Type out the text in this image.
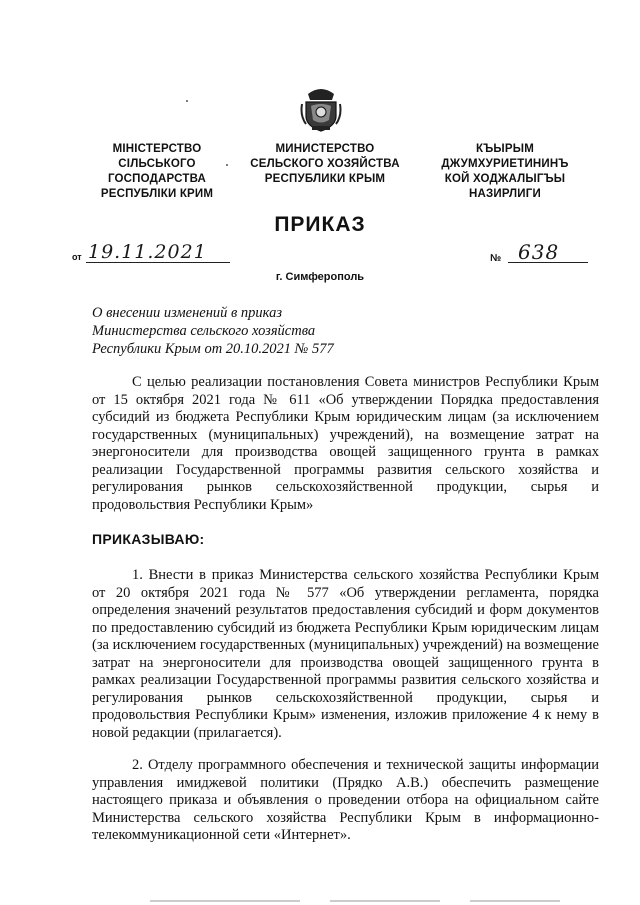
МІНІСТЕРСТВО
СІЛЬСЬКОГО
ГОСПОДАРСТВА
РЕСПУБЛІКИ КРИМ
МИНИСТЕРСТВО
СЕЛЬСКОГО ХОЗЯЙСТВА
РЕСПУБЛИКИ КРЫМ
КЪЫРЫМ
ДЖУМХУРИЕТИНИНЪ
КОЙ ХОДЖАЛЫГЪЫ
НАЗИРЛИГИ
ПРИКАЗ
от 19.11.2021	№ 638
г. Симферополь
О внесении изменений в приказ
Министерства сельского хозяйства
Республики Крым от 20.10.2021 № 577

С целью реализации постановления Совета министров Республики Крым от 15 октября 2021 года № 611 «Об утверждении Порядка предоставления субсидий из бюджета Республики Крым юридическим лицам (за исключением государственных (муниципальных) учреждений), на возмещение затрат на энергоносители для производства овощей защищенного грунта в рамках реализации Государственной программы развития сельского хозяйства и регулирования рынков сельскохозяйственной продукции, сырья и продовольствия Республики Крым»

ПРИКАЗЫВАЮ:

1. Внести в приказ Министерства сельского хозяйства Республики Крым от 20 октября 2021 года № 577 «Об утверждении регламента, порядка определения значений результатов предоставления субсидий и форм документов по предоставлению субсидий из бюджета Республики Крым юридическим лицам (за исключением государственных (муниципальных) учреждений) на возмещение затрат на энергоносители для производства овощей защищенного грунта в рамках реализации Государственной программы развития сельского хозяйства и регулирования рынков сельскохозяйственной продукции, сырья и продовольствия Республики Крым» изменения, изложив приложение 4 к нему в новой редакции (прилагается).

2. Отделу программного обеспечения и технической защиты информации управления имиджевой политики (Прядко А.В.) обеспечить размещение настоящего приказа и объявления о проведении отбора на официальном сайте Министерства сельского хозяйства Республики Крым в информационно-телекоммуникационной сети «Интернет».
